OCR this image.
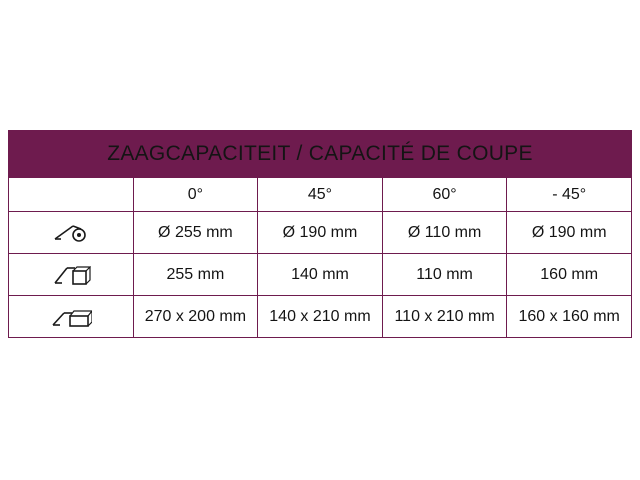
ZAAGCAPACITEIT / CAPACITÉ DE COUPE				
	0°	45°	60°	- 45°

	Ø 255 mm	Ø 190 mm	Ø 110 mm	Ø 190 mm

	255 mm	140 mm	110 mm	160 mm

	270 x 200 mm	140 x 210 mm	110 x 210 mm	160 x 160 mm
